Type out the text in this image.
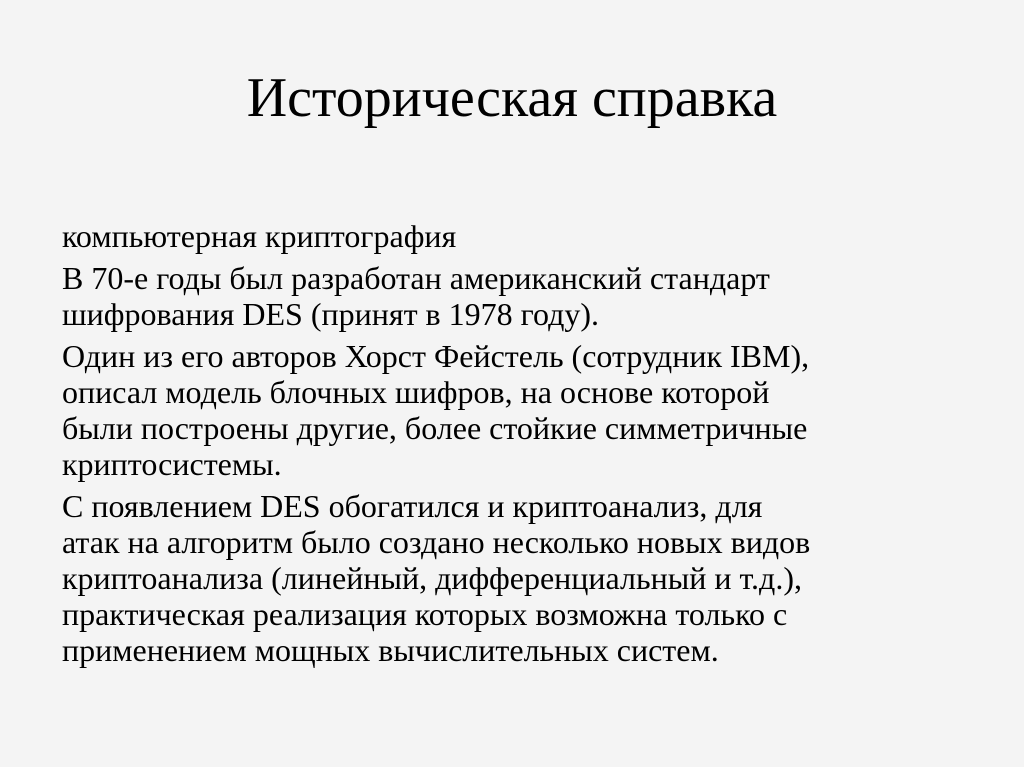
Историческая справка

компьютерная криптография

В 70-е годы был разработан американский стандарт
шифрования DES (принят в 1978 году).

Один из его авторов Хорст Фейстель (сотрудник IBM),
описал модель блочных шифров, на основе которой
были построены другие, более стойкие симметричные
криптосистемы.

С появлением DES обогатился и криптоанализ, для
атак на алгоритм было создано несколько новых видов
криптоанализа (линейный, дифференциальный и т.д.),
практическая реализация которых возможна только с
применением мощных вычислительных систем.
